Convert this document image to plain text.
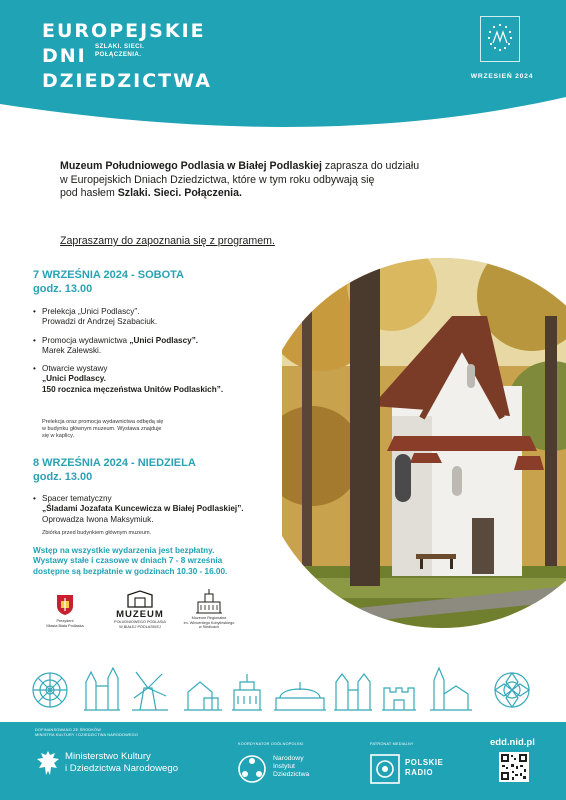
EUROPEJSKIE
DNI
DZIEDZICTWA
SZLAKI. SIECI.
POŁĄCZENIA.
WRZESIEŃ 2024
Muzeum Południowego Podlasia w Białej Podlaskiej zaprasza do udziału
w Europejskich Dniach Dziedzictwa, które w tym roku odbywają się
pod hasłem Szlaki. Sieci. Połączenia.
Zapraszamy do zapoznania się z programem.
7 WRZEŚNIA 2024 - SOBOTA
godz. 13.00
• Prelekcja „Unici Podlascy”.
Prowadzi dr Andrzej Szabaciuk.
• Promocja wydawnictwa „Unici Podlascy”.
Marek Zalewski.
• Otwarcie wystawy
„Unici Podlascy.
150 rocznica męczeństwa Unitów Podlaskich”.
Prelekcja oraz promocja wydawnictwa odbędą się
w budynku głównym muzeum. Wystawa znajduje
się w kaplicy.
8 WRZEŚNIA 2024 - NIEDZIELA
godz. 13.00
• Spacer tematyczny
„Śladami Jozafata Kuncewicza w Białej Podlaskiej”.
Oprowadza Iwona Maksymiuk.
Zbiórka przed budynkiem głównym muzeum.
Wstęp na wszystkie wydarzenia jest bezpłatny.
Wystawy stałe i czasowe w dniach 7 - 8 września
dostępne są bezpłatnie w godzinach 10.30 - 16.00.
Prezydent
Miasta Biała Podlaska
MUZEUM
POŁUDNIOWEGO PODLASIA
W BIAŁEJ PODLASKIEJ
Muzeum Regionalne
im. Wincentego Kobylińskiego
w Siedlcach
DOFINANSOWANO ZE ŚRODKÓW
MINISTRA KULTURY I DZIEDZICTWA NARODOWEGO
Ministerstwo Kultury
i Dziedzictwa Narodowego
KOORDYNATOR OGÓLNOPOLSKI
Narodowy
Instytut
Dziedzictwa
PATRONAT MEDIALNY
POLSKIE
RADIO
edd.nid.pl
